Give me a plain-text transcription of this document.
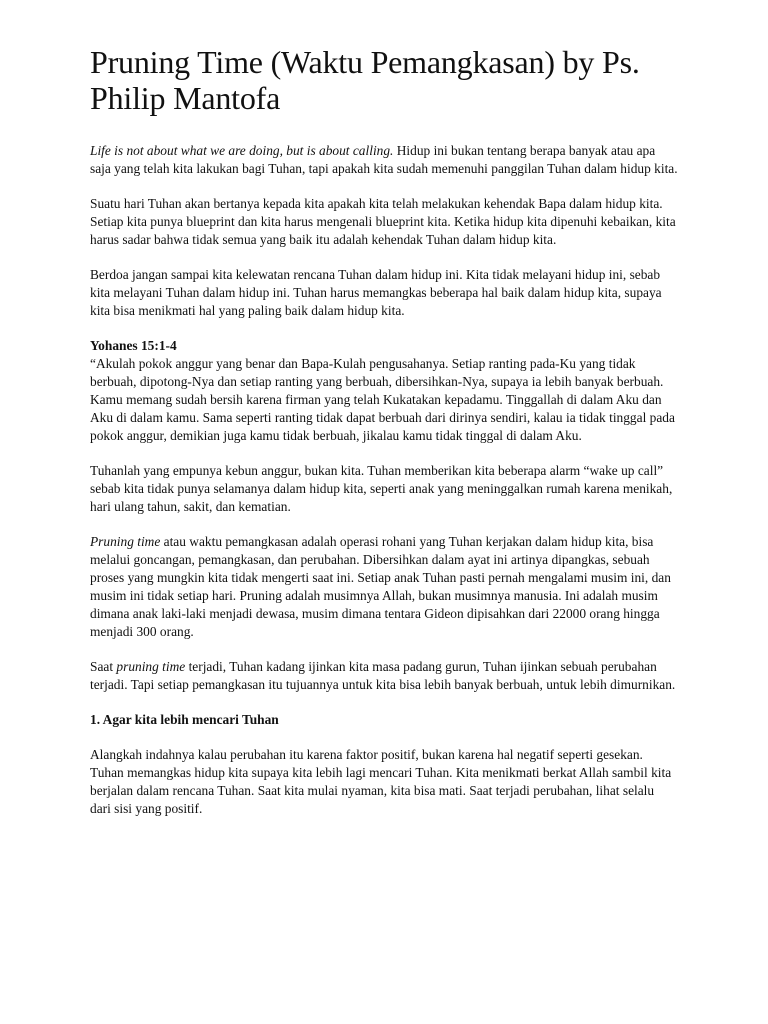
Pruning Time (Waktu Pemangkasan) by Ps. Philip Mantofa

Life is not about what we are doing, but is about calling. Hidup ini bukan tentang berapa banyak atau apa saja yang telah kita lakukan bagi Tuhan, tapi apakah kita sudah memenuhi panggilan Tuhan dalam hidup kita.

Suatu hari Tuhan akan bertanya kepada kita apakah kita telah melakukan kehendak Bapa dalam hidup kita. Setiap kita punya blueprint dan kita harus mengenali blueprint kita. Ketika hidup kita dipenuhi kebaikan, kita harus sadar bahwa tidak semua yang baik itu adalah kehendak Tuhan dalam hidup kita.

Berdoa jangan sampai kita kelewatan rencana Tuhan dalam hidup ini. Kita tidak melayani hidup ini, sebab kita melayani Tuhan dalam hidup ini. Tuhan harus memangkas beberapa hal baik dalam hidup kita, supaya kita bisa menikmati hal yang paling baik dalam hidup kita.

Yohanes 15:1-4

“Akulah pokok anggur yang benar dan Bapa-Kulah pengusahanya. Setiap ranting pada-Ku yang tidak berbuah, dipotong-Nya dan setiap ranting yang berbuah, dibersihkan-Nya, supaya ia lebih banyak berbuah. Kamu memang sudah bersih karena firman yang telah Kukatakan kepadamu. Tinggallah di dalam Aku dan Aku di dalam kamu. Sama seperti ranting tidak dapat berbuah dari dirinya sendiri, kalau ia tidak tinggal pada pokok anggur, demikian juga kamu tidak berbuah, jikalau kamu tidak tinggal di dalam Aku.

Tuhanlah yang empunya kebun anggur, bukan kita. Tuhan memberikan kita beberapa alarm “wake up call” sebab kita tidak punya selamanya dalam hidup kita, seperti anak yang meninggalkan rumah karena menikah, hari ulang tahun, sakit, dan kematian.

Pruning time atau waktu pemangkasan adalah operasi rohani yang Tuhan kerjakan dalam hidup kita, bisa melalui goncangan, pemangkasan, dan perubahan. Dibersihkan dalam ayat ini artinya dipangkas, sebuah proses yang mungkin kita tidak mengerti saat ini. Setiap anak Tuhan pasti pernah mengalami musim ini, dan musim ini tidak setiap hari. Pruning adalah musimnya Allah, bukan musimnya manusia. Ini adalah musim dimana anak laki-laki menjadi dewasa, musim dimana tentara Gideon dipisahkan dari 22000 orang hingga menjadi 300 orang.

Saat pruning time terjadi, Tuhan kadang ijinkan kita masa padang gurun, Tuhan ijinkan sebuah perubahan terjadi. Tapi setiap pemangkasan itu tujuannya untuk kita bisa lebih banyak berbuah, untuk lebih dimurnikan.

1. Agar kita lebih mencari Tuhan

Alangkah indahnya kalau perubahan itu karena faktor positif, bukan karena hal negatif seperti gesekan. Tuhan memangkas hidup kita supaya kita lebih lagi mencari Tuhan. Kita menikmati berkat Allah sambil kita berjalan dalam rencana Tuhan. Saat kita mulai nyaman, kita bisa mati. Saat terjadi perubahan, lihat selalu dari sisi yang positif.
